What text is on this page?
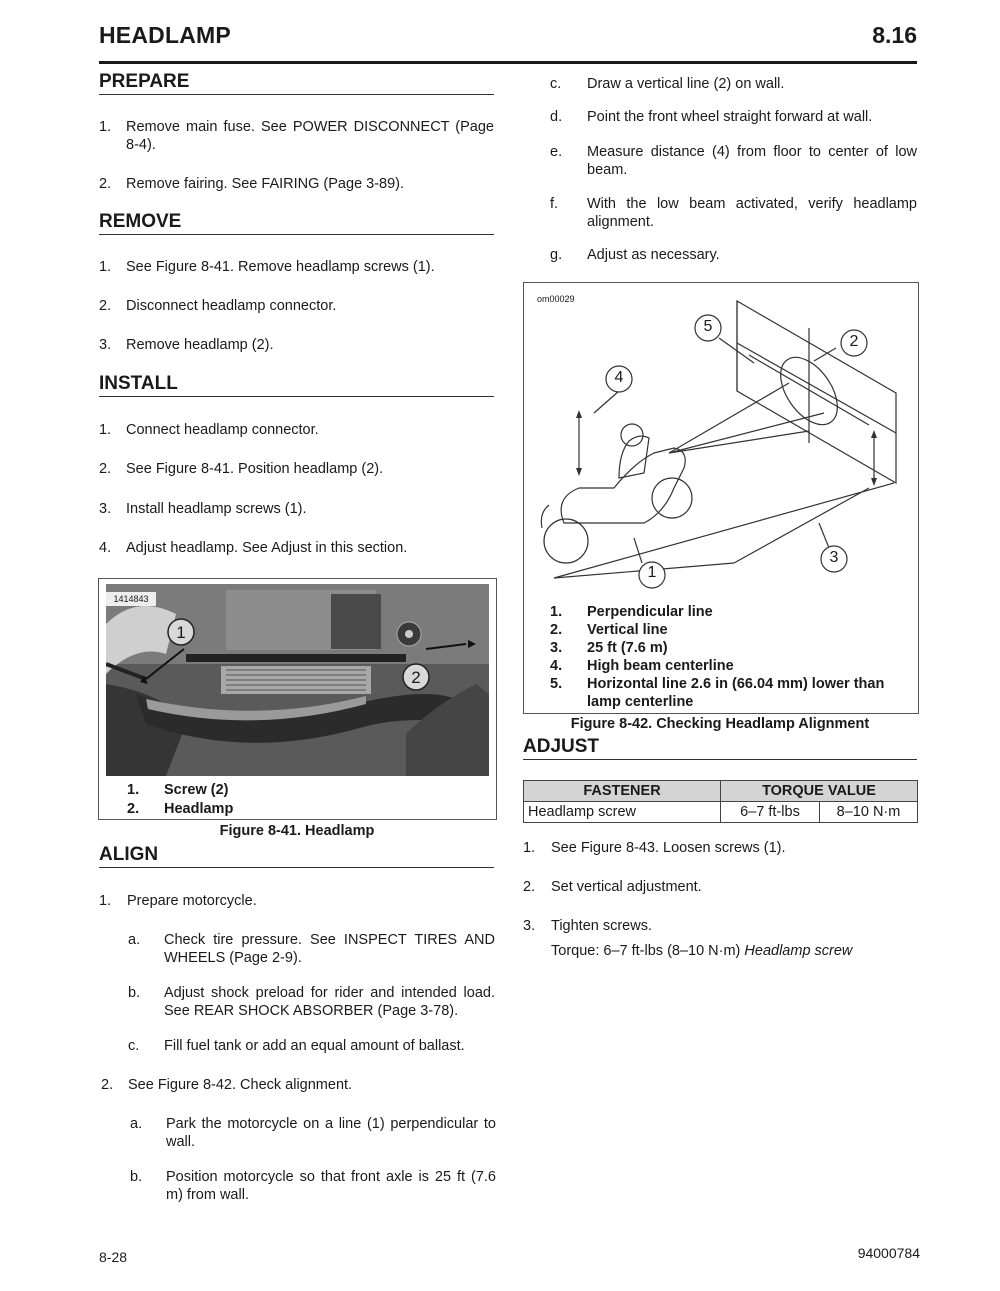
HEADLAMP	8.16
PREPARE
1. Remove main fuse. See POWER DISCONNECT (Page 8-4).
2. Remove fairing. See FAIRING (Page 3-89).
REMOVE
1. See Figure 8-41. Remove headlamp screws (1).
2. Disconnect headlamp connector.
3. Remove headlamp (2).
INSTALL
1. Connect headlamp connector.
2. See Figure 8-41. Position headlamp (2).
3. Install headlamp screws (1).
4. Adjust headlamp. See Adjust in this section.
1414843
1
2
1. Screw (2)
2. Headlamp
Figure 8-41. Headlamp
ALIGN
1. Prepare motorcycle.
a. Check tire pressure. See INSPECT TIRES AND WHEELS (Page 2-9).
b. Adjust shock preload for rider and intended load. See REAR SHOCK ABSORBER (Page 3-78).
c. Fill fuel tank or add an equal amount of ballast.
2. See Figure 8-42. Check alignment.
a. Park the motorcycle on a line (1) perpendicular to wall.
b. Position motorcycle so that front axle is 25 ft (7.6 m) from wall.
c. Draw a vertical line (2) on wall.
d. Point the front wheel straight forward at wall.
e. Measure distance (4) from floor to center of low beam.
f. With the low beam activated, verify headlamp alignment.
g. Adjust as necessary.
om00029
1
2
3
4
5
1. Perpendicular line
2. Vertical line
3. 25 ft (7.6 m)
4. High beam centerline
5. Horizontal line 2.6 in (66.04 mm) lower than lamp centerline
Figure 8-42. Checking Headlamp Alignment
ADJUST
FASTENER	TORQUE VALUE	
Headlamp screw	6–7 ft-lbs	8–10 N·m
1. See Figure 8-43. Loosen screws (1).
2. Set vertical adjustment.
3. Tighten screws.
Torque: 6–7 ft-lbs (8–10 N·m) Headlamp screw
8-28	94000784
